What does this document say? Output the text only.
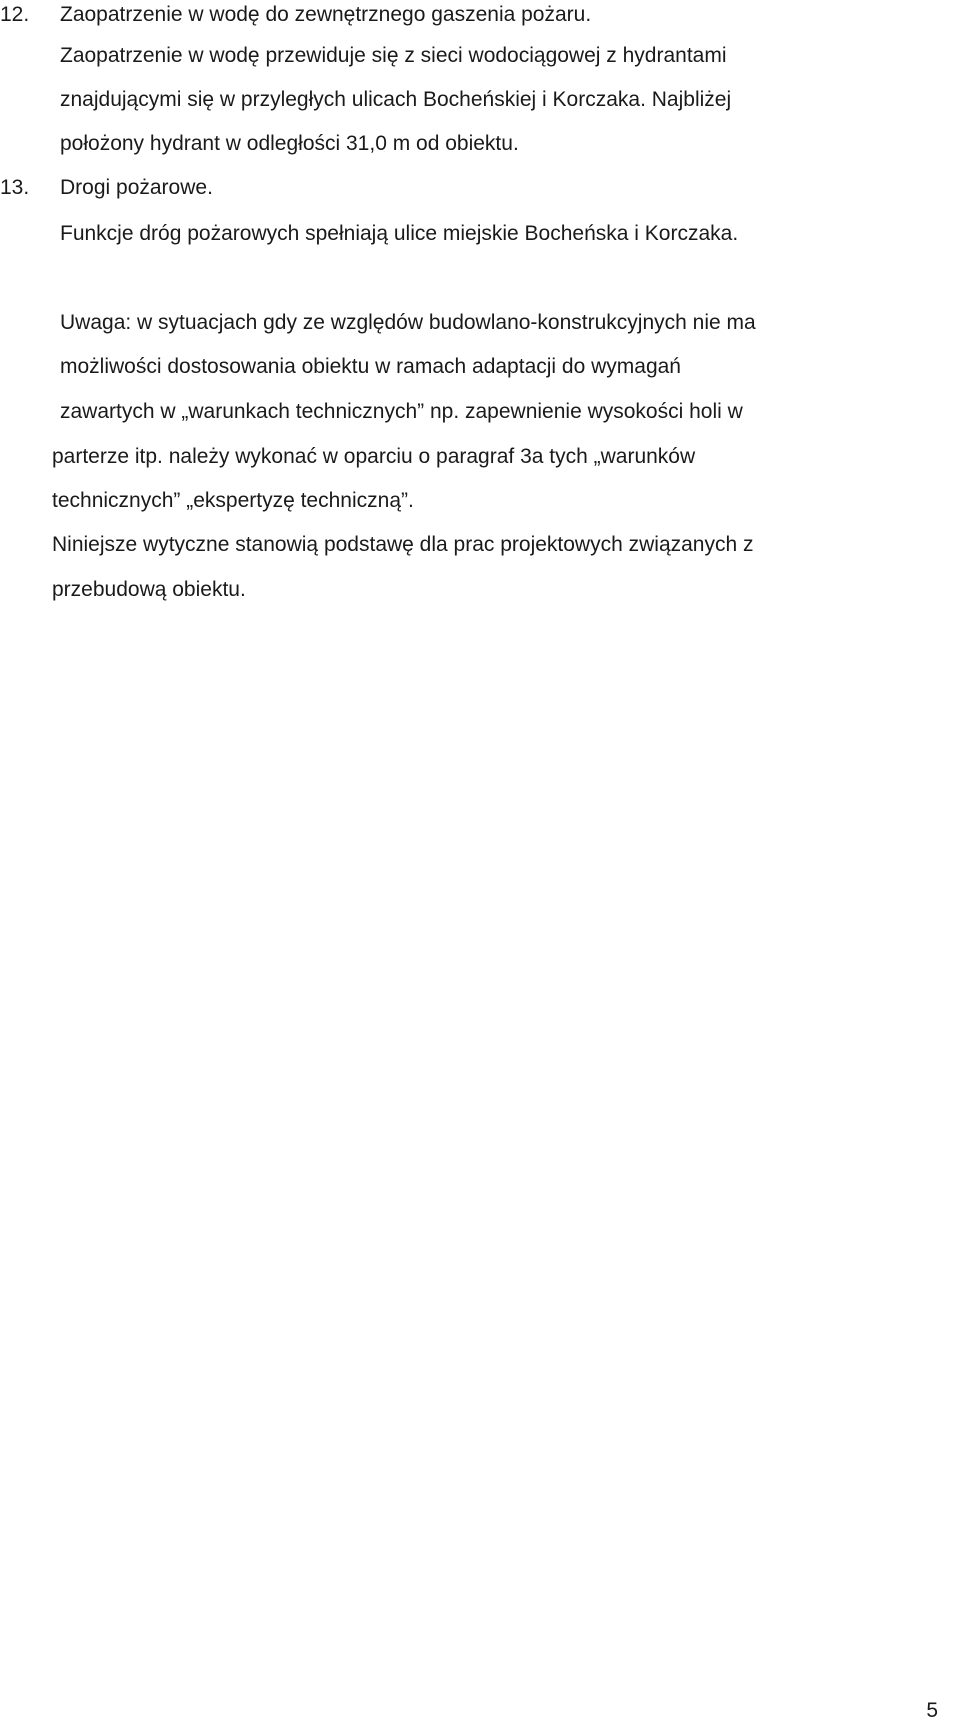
12. Zaopatrzenie w wodę do zewnętrznego gaszenia pożaru.
Zaopatrzenie w wodę przewiduje się z sieci wodociągowej z hydrantami
znajdującymi się w przyległych ulicach Bocheńskiej i Korczaka. Najbliżej
położony hydrant w odległości 31,0 m od obiektu.
13. Drogi pożarowe.
Funkcje dróg pożarowych spełniają ulice miejskie Bocheńska i Korczaka.
Uwaga: w sytuacjach gdy ze względów budowlano-konstrukcyjnych nie ma
możliwości dostosowania obiektu w ramach adaptacji do wymagań
zawartych w „warunkach technicznych” np. zapewnienie wysokości holi w
parterze itp. należy wykonać w oparciu o paragraf 3a tych „warunków
technicznych” „ekspertyzę techniczną”.
Niniejsze wytyczne stanowią podstawę dla prac projektowych związanych z
przebudową obiektu.
5
